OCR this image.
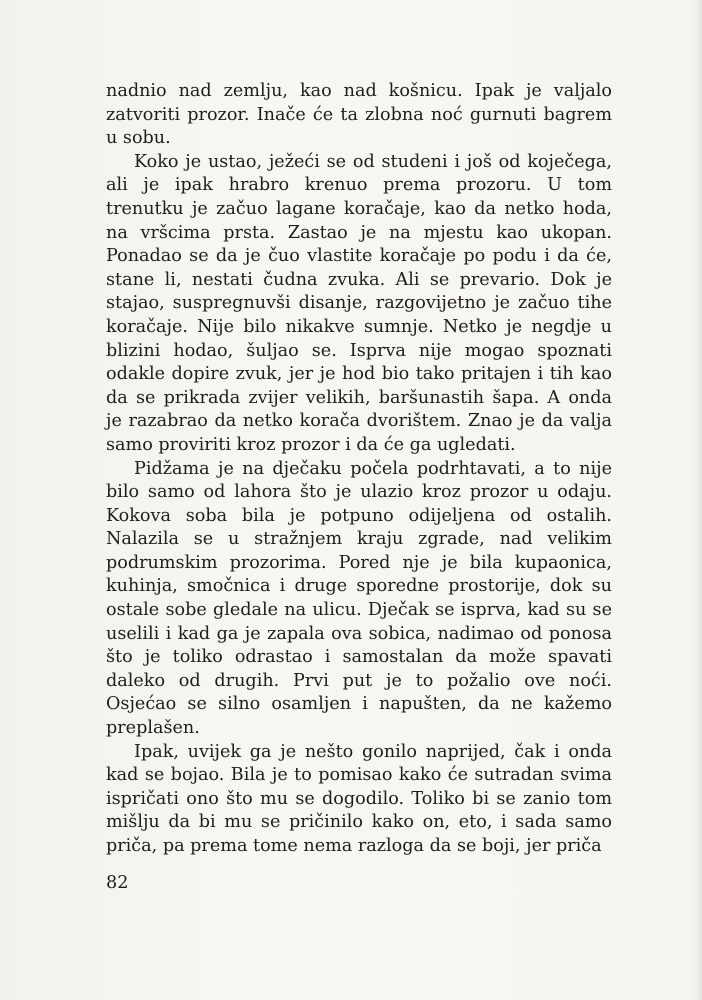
nadnio nad zemlju, kao nad košnicu. Ipak je valjalo zatvoriti prozor. Inače će ta zlobna noć gurnuti bagrem u sobu.

Koko je ustao, ježeći se od studeni i još od koječega, ali je ipak hrabro krenuo prema prozoru. U tom trenutku je začuo lagane koračaje, kao da netko hoda, na vršcima prsta. Zastao je na mjestu kao ukopan. Ponadao se da je čuo vlastite koračaje po podu i da će, stane li, nestati čudna zvuka. Ali se prevario. Dok je stajao, suspregnuvši disanje, razgovijetno je začuo tihe koračaje. Nije bilo nikakve sumnje. Netko je negdje u blizini hodao, šuljao se. Isprva nije mogao spoznati odakle dopire zvuk, jer je hod bio tako pritajen i tih kao da se prikrada zvijer velikih, baršunastih šapa. A onda je razabrao da netko korača dvorištem. Znao je da valja samo proviriti kroz prozor i da će ga ugledati.

Pidžama je na dječaku počela podrhtavati, a to nije bilo samo od lahora što je ulazio kroz prozor u odaju. Kokova soba bila je potpuno odijeljena od ostalih. Nalazila se u stražnjem kraju zgrade, nad velikim podrumskim prozorima. Pored nje je bila kupaonica, kuhinja, smočnica i druge sporedne prostorije, dok su ostale sobe gledale na ulicu. Dječak se isprva, kad su se uselili i kad ga je zapala ova sobica, nadimao od ponosa što je toliko odrastao i samostalan da može spavati daleko od drugih. Prvi put je to požalio ove noći. Osjećao se silno osamljen i napušten, da ne kažemo preplašen.

Ipak, uvijek ga je nešto gonilo naprijed, čak i onda kad se bojao. Bila je to pomisao kako će sutradan svima ispričati ono što mu se dogodilo. Toliko bi se zanio tom mišlju da bi mu se pričinilo kako on, eto, i sada samo priča, pa prema tome nema razloga da se boji, jer priča

82
